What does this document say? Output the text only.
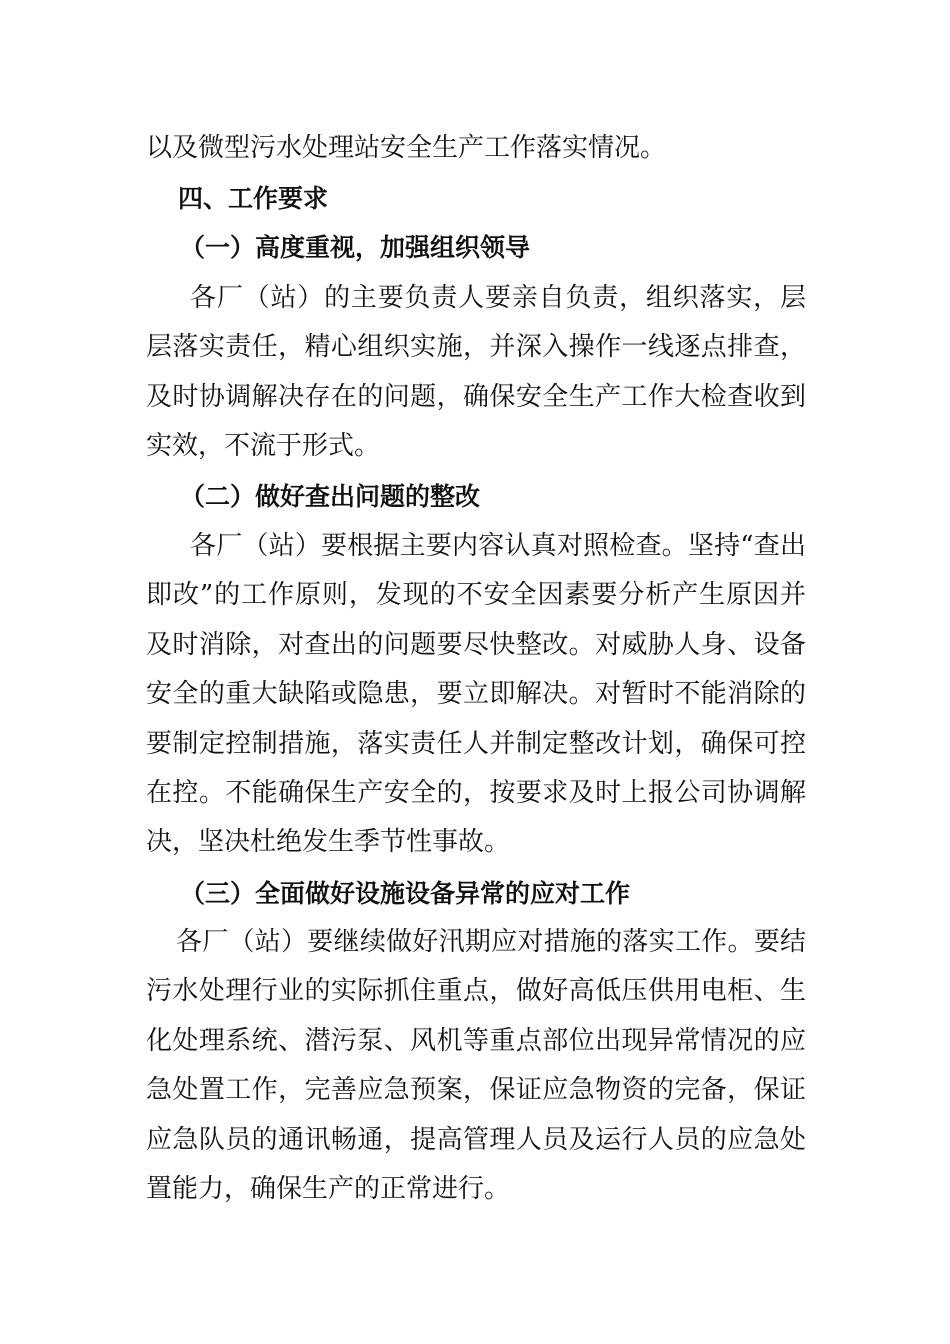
以及微型污水处理站安全生产工作落实情况。

四、工作要求
（一）高度重视，加强组织领导

各厂（站）的主要负责人要亲自负责，组织落实，层层落实责任，精心组织实施，并深入操作一线逐点排查，及时协调解决存在的问题，确保安全生产工作大检查收到实效，不流于形式。

（二）做好查出问题的整改

各厂（站）要根据主要内容认真对照检查。坚持“查出即改”的工作原则，发现的不安全因素要分析产生原因并及时消除，对查出的问题要尽快整改。对威胁人身、设备安全的重大缺陷或隐患，要立即解决。对暂时不能消除的要制定控制措施，落实责任人并制定整改计划，确保可控在控。不能确保生产安全的，按要求及时上报公司协调解决，坚决杜绝发生季节性事故。

（三）全面做好设施设备异常的应对工作

各厂（站）要继续做好汛期应对措施的落实工作。要结污水处理行业的实际抓住重点，做好高低压供用电柜、生化处理系统、潜污泵、风机等重点部位出现异常情况的应急处置工作，完善应急预案，保证应急物资的完备，保证应急队员的通讯畅通，提高管理人员及运行人员的应急处置能力，确保生产的正常进行。
